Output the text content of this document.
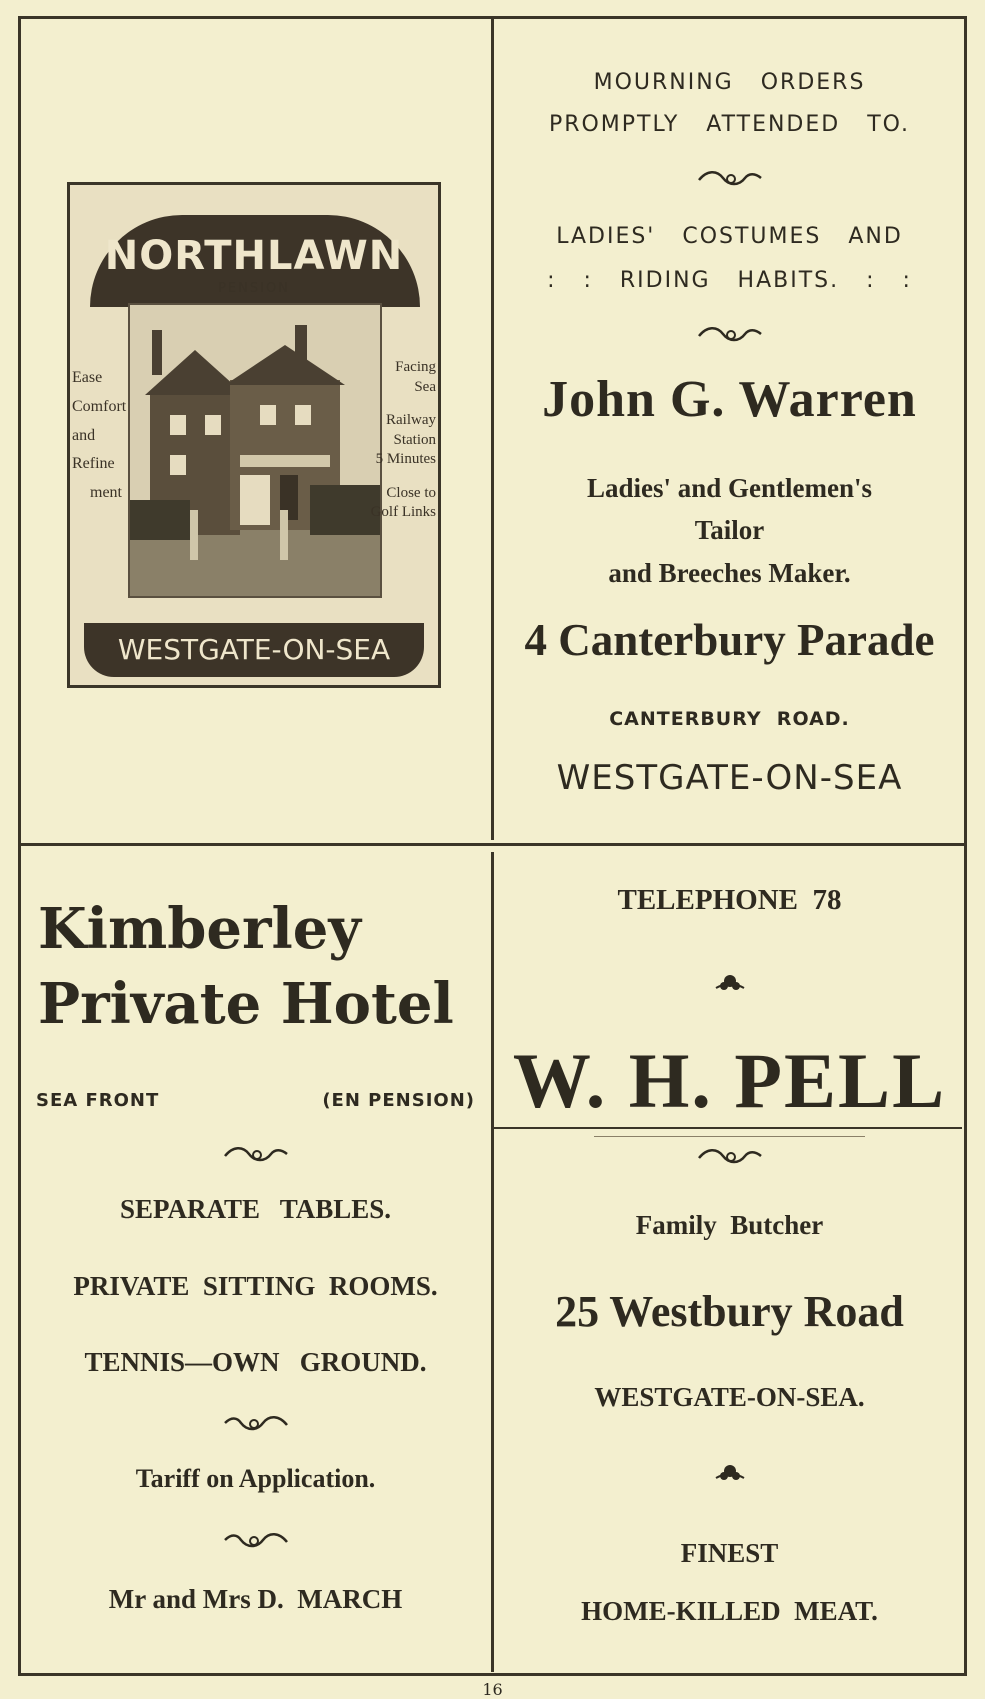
NORTHLAWN
PENSION
Ease
Comfort
and
Refine
ment
Facing
Sea
Railway
Station
5 Minutes
Close to
Golf Links
WESTGATE-ON-SEA
MOURNING   ORDERS
PROMPTLY   ATTENDED   TO.
LADIES'   COSTUMES   AND
:   :   RIDING   HABITS.   :   :
John G. Warren
Ladies' and Gentlemen's
Tailor
and Breeches Maker.
4 Canterbury Parade
CANTERBURY  ROAD.
WESTGATE-ON-SEA
Kimberley
Private Hotel
SEA FRONT	(EN PENSION)
SEPARATE   TABLES.
PRIVATE  SITTING  ROOMS.
TENNIS—OWN   GROUND.
Tariff on Application.
Mr and Mrs D.  MARCH
TELEPHONE  78
W. H. PELL
Family  Butcher
25 Westbury Road
WESTGATE-ON-SEA.
FINEST
HOME-KILLED  MEAT.
16
